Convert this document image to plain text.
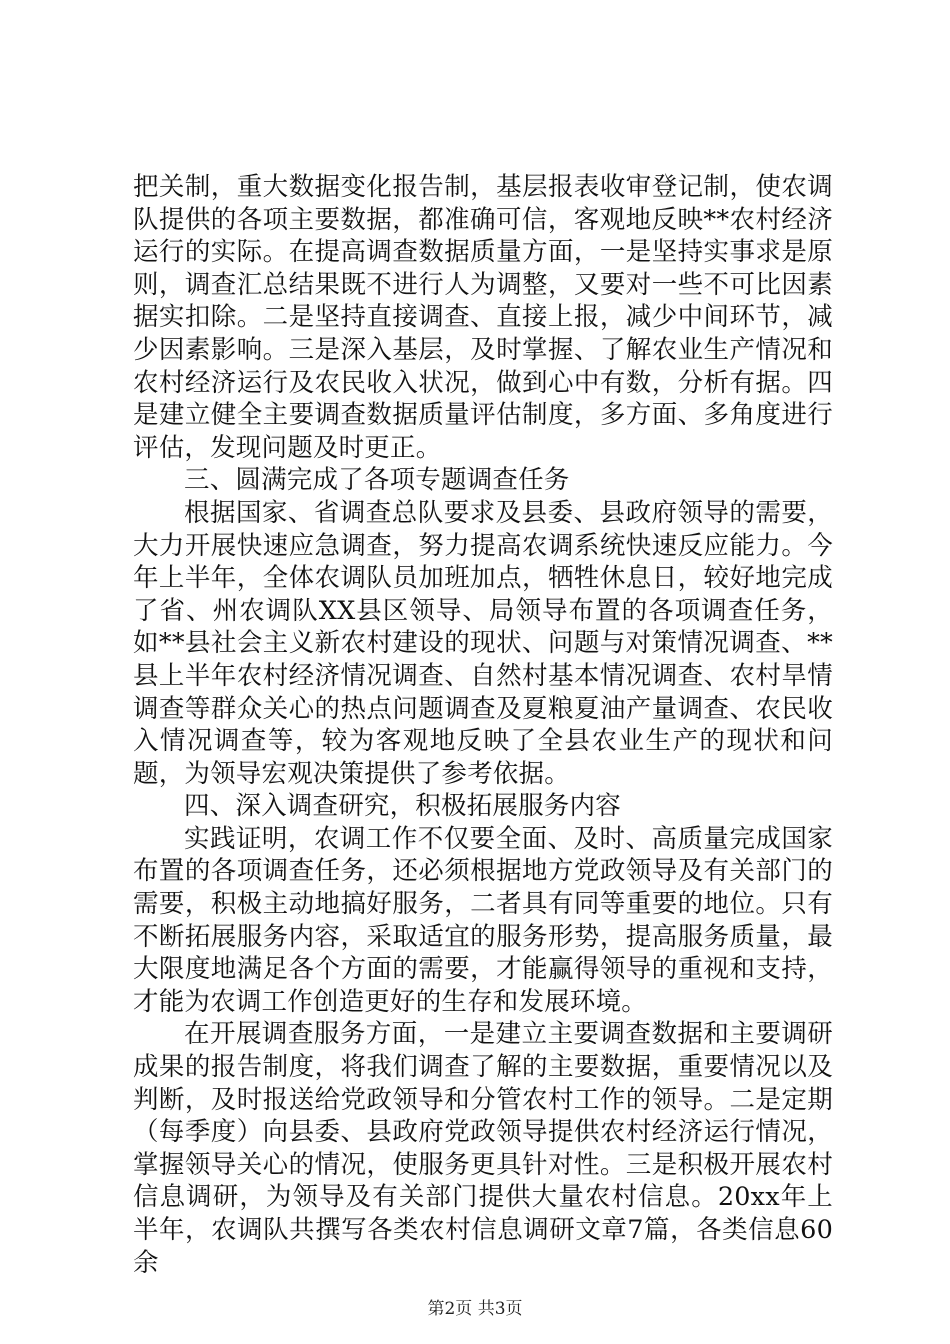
把关制，重大数据变化报告制，基层报表收审登记制，使农调队提供的各项主要数据，都准确可信，客观地反映**农村经济运行的实际。在提高调查数据质量方面，一是坚持实事求是原则，调查汇总结果既不进行人为调整，又要对一些不可比因素据实扣除。二是坚持直接调查、直接上报，减少中间环节，减少因素影响。三是深入基层，及时掌握、了解农业生产情况和农村经济运行及农民收入状况，做到心中有数，分析有据。四是建立健全主要调查数据质量评估制度，多方面、多角度进行评估，发现问题及时更正。

三、圆满完成了各项专题调查任务

根据国家、省调查总队要求及县委、县政府领导的需要，大力开展快速应急调查，努力提高农调系统快速反应能力。今年上半年，全体农调队员加班加点，牺牲休息日，较好地完成了省、州农调队XX县区领导、局领导布置的各项调查任务，如**县社会主义新农村建设的现状、问题与对策情况调查、**县上半年农村经济情况调查、自然村基本情况调查、农村旱情调查等群众关心的热点问题调查及夏粮夏油产量调查、农民收入情况调查等，较为客观地反映了全县农业生产的现状和问题，为领导宏观决策提供了参考依据。

四、深入调查研究，积极拓展服务内容

实践证明，农调工作不仅要全面、及时、高质量完成国家布置的各项调查任务，还必须根据地方党政领导及有关部门的需要，积极主动地搞好服务，二者具有同等重要的地位。只有不断拓展服务内容，采取适宜的服务形势，提高服务质量，最大限度地满足各个方面的需要，才能赢得领导的重视和支持，才能为农调工作创造更好的生存和发展环境。

在开展调查服务方面，一是建立主要调查数据和主要调研成果的报告制度，将我们调查了解的主要数据，重要情况以及判断，及时报送给党政领导和分管农村工作的领导。二是定期（每季度）向县委、县政府党政领导提供农村经济运行情况，掌握领导关心的情况，使服务更具针对性。三是积极开展农村信息调研，为领导及有关部门提供大量农村信息。20xx年上半年，农调队共撰写各类农村信息调研文章7篇，各类信息60余

第2页 共3页
